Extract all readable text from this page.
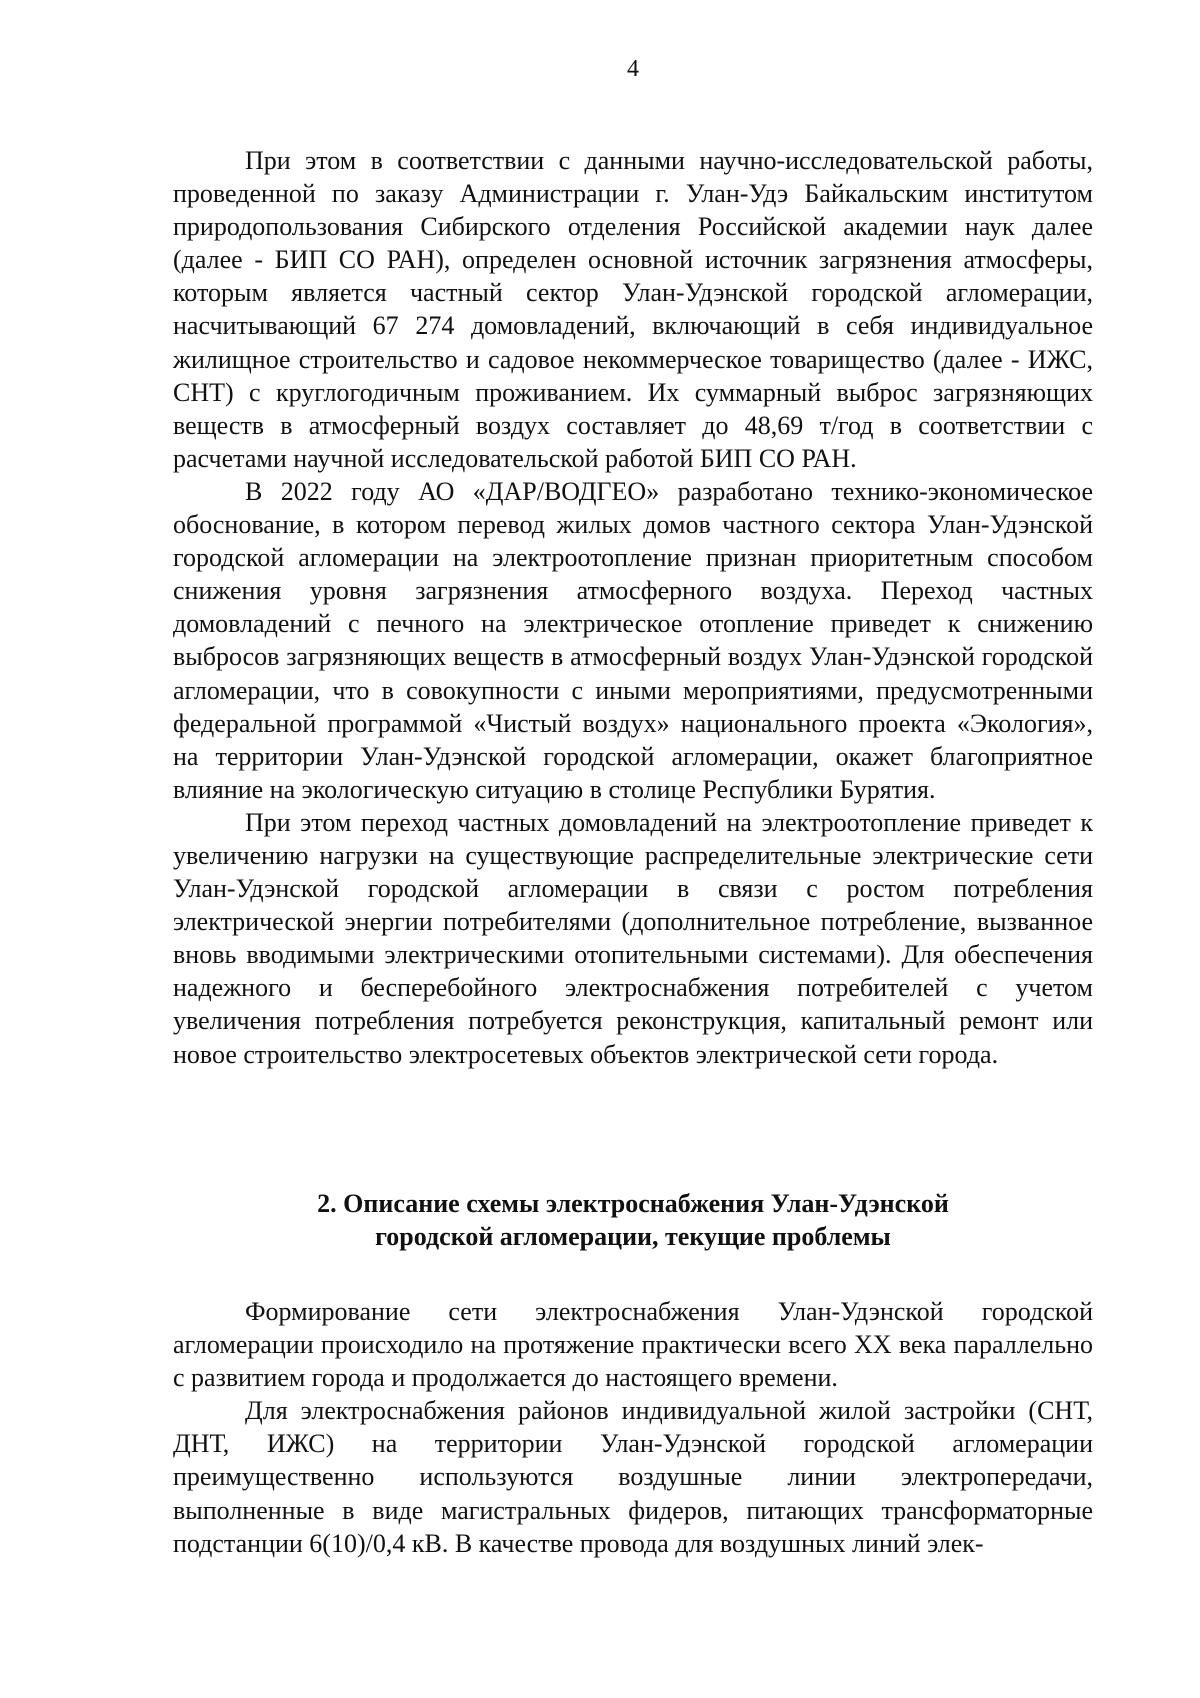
4

При этом в соответствии с данными научно-исследовательской работы, проведенной по заказу Администрации г. Улан-Удэ Байкальским институтом природопользования Сибирского отделения Российской академии наук далее (далее - БИП СО РАН), определен основной источник загрязнения атмосферы, которым является частный сектор Улан-Удэнской городской агломерации, насчитывающий 67 274 домовладений, включающий в себя индивидуальное жилищное строительство и садовое некоммерческое товарищество (далее - ИЖС, СНТ) с круглогодичным проживанием. Их суммарный выброс загрязняющих веществ в атмосферный воздух составляет до 48,69 т/год в соответствии с расчетами научной исследовательской работой БИП СО РАН.

В 2022 году АО «ДАР/ВОДГЕО» разработано технико-экономическое обоснование, в котором перевод жилых домов частного сектора Улан-Удэнской городской агломерации на электроотопление признан приоритетным способом снижения уровня загрязнения атмосферного воздуха. Переход частных домовладений с печного на электрическое отопление приведет к снижению выбросов загрязняющих веществ в атмосферный воздух Улан-Удэнской городской агломерации, что в совокупности с иными мероприятиями, предусмотренными федеральной программой «Чистый воздух» национального проекта «Экология», на территории Улан-Удэнской городской агломерации, окажет благоприятное влияние на экологическую ситуацию в столице Республики Бурятия.

При этом переход частных домовладений на электроотопление приведет к увеличению нагрузки на существующие распределительные электрические сети Улан-Удэнской городской агломерации в связи с ростом потребления электрической энергии потребителями (дополнительное потребление, вызванное вновь вводимыми электрическими отопительными системами). Для обеспечения надежного и бесперебойного электроснабжения потребителей с учетом увеличения потребления потребуется реконструкция, капитальный ремонт или новое строительство электросетевых объектов электрической сети города.

2. Описание схемы электроснабжения Улан-Удэнской
городской агломерации, текущие проблемы

Формирование сети электроснабжения Улан-Удэнской городской агломерации происходило на протяжение практически всего XX века параллельно с развитием города и продолжается до настоящего времени.

Для электроснабжения районов индивидуальной жилой застройки (СНТ, ДНТ, ИЖС) на территории Улан-Удэнской городской агломерации преимущественно используются воздушные линии электропередачи, выполненные в виде магистральных фидеров, питающих трансформаторные подстанции 6(10)/0,4 кВ. В качестве провода для воздушных линий элек-
